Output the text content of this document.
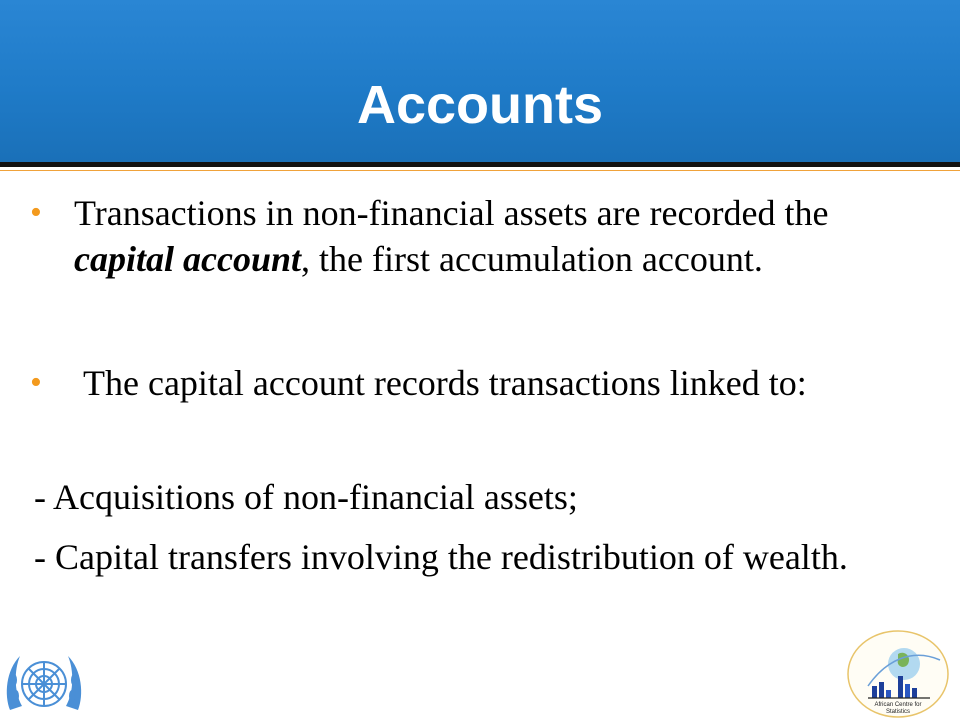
Accounts
• Transactions in non-financial assets are recorded the capital account, the first accumulation account.
• The capital account records transactions linked to:
- Acquisitions of non-financial assets;
- Capital transfers involving the redistribution of wealth.
African Centre for
Statistics
